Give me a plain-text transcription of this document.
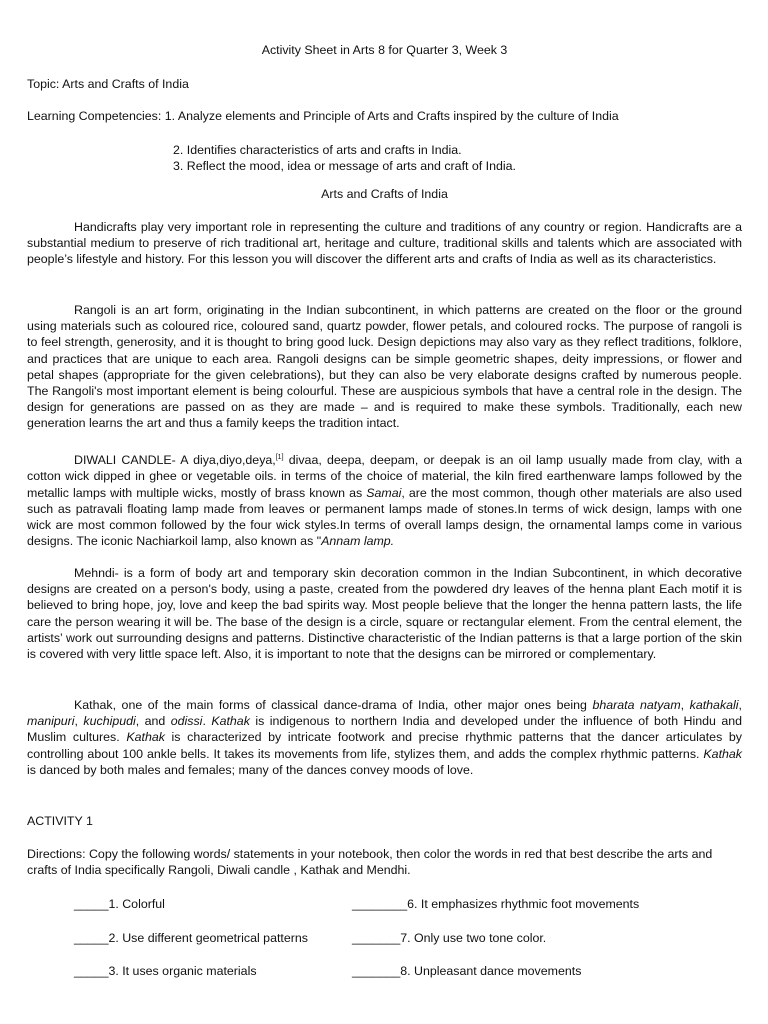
Activity Sheet in Arts 8 for Quarter 3, Week 3
Topic: Arts and Crafts of India
Learning Competencies: 1. Analyze elements and Principle of Arts and Crafts inspired by the culture of India
2. Identifies characteristics of arts and crafts in India.
3. Reflect the mood, idea or message of arts and craft of India.
Arts and Crafts of India
Handicrafts play very important role in representing the culture and traditions of any country or region. Handicrafts are a substantial medium to preserve of rich traditional art, heritage and culture, traditional skills and talents which are associated with people’s lifestyle and history. For this lesson you will discover the different arts and crafts of India as well as its characteristics.
Rangoli is an art form, originating in the Indian subcontinent, in which patterns are created on the floor or the ground using materials such as coloured rice, coloured sand, quartz powder, flower petals, and coloured rocks. The purpose of rangoli is to feel strength, generosity, and it is thought to bring good luck. Design depictions may also vary as they reflect traditions, folklore, and practices that are unique to each area. Rangoli designs can be simple geometric shapes, deity impressions, or flower and petal shapes (appropriate for the given celebrations), but they can also be very elaborate designs crafted by numerous people. The Rangoli's most important element is being colourful. These are auspicious symbols that have a central role in the design. The design for generations are passed on as they are made – and is required to make these symbols. Traditionally, each new generation learns the art and thus a family keeps the tradition intact.
DIWALI CANDLE- A diya,diyo,deya,[1] divaa, deepa, deepam, or deepak is an oil lamp usually made from clay, with a cotton wick dipped in ghee or vegetable oils. in terms of the choice of material, the kiln fired earthenware lamps followed by the metallic lamps with multiple wicks, mostly of brass known as Samai, are the most common, though other materials are also used such as patravali floating lamp made from leaves or permanent lamps made of stones.In terms of wick design, lamps with one wick are most common followed by the four wick styles.In terms of overall lamps design, the ornamental lamps come in various designs. The iconic Nachiarkoil lamp, also known as "Annam lamp.
Mehndi- is a form of body art and temporary skin decoration common in the Indian Subcontinent, in which decorative designs are created on a person's body, using a paste, created from the powdered dry leaves of the henna plant Each motif it is believed to bring hope, joy, love and keep the bad spirits way. Most people believe that the longer the henna pattern lasts, the life care the person wearing it will be. The base of the design is a circle, square or rectangular element. From the central element, the artists’ work out surrounding designs and patterns. Distinctive characteristic of the Indian patterns is that a large portion of the skin is covered with very little space left. Also, it is important to note that the designs can be mirrored or complementary.
Kathak, one of the main forms of classical dance-drama of India, other major ones being bharata natyam, kathakali, manipuri, kuchipudi, and odissi. Kathak is indigenous to northern India and developed under the influence of both Hindu and Muslim cultures. Kathak is characterized by intricate footwork and precise rhythmic patterns that the dancer articulates by controlling about 100 ankle bells. It takes its movements from life, stylizes them, and adds the complex rhythmic patterns. Kathak is danced by both males and females; many of the dances convey moods of love.
ACTIVITY 1
Directions: Copy the following words/ statements in your notebook, then color the words in red that best describe the arts and crafts of India specifically Rangoli, Diwali candle , Kathak and Mendhi.
_____1. Colorful	________6. It emphasizes rhythmic foot movements
_____2. Use different geometrical patterns	_______7. Only use two tone color.
_____3. It uses organic materials	_______8. Unpleasant dance movements
